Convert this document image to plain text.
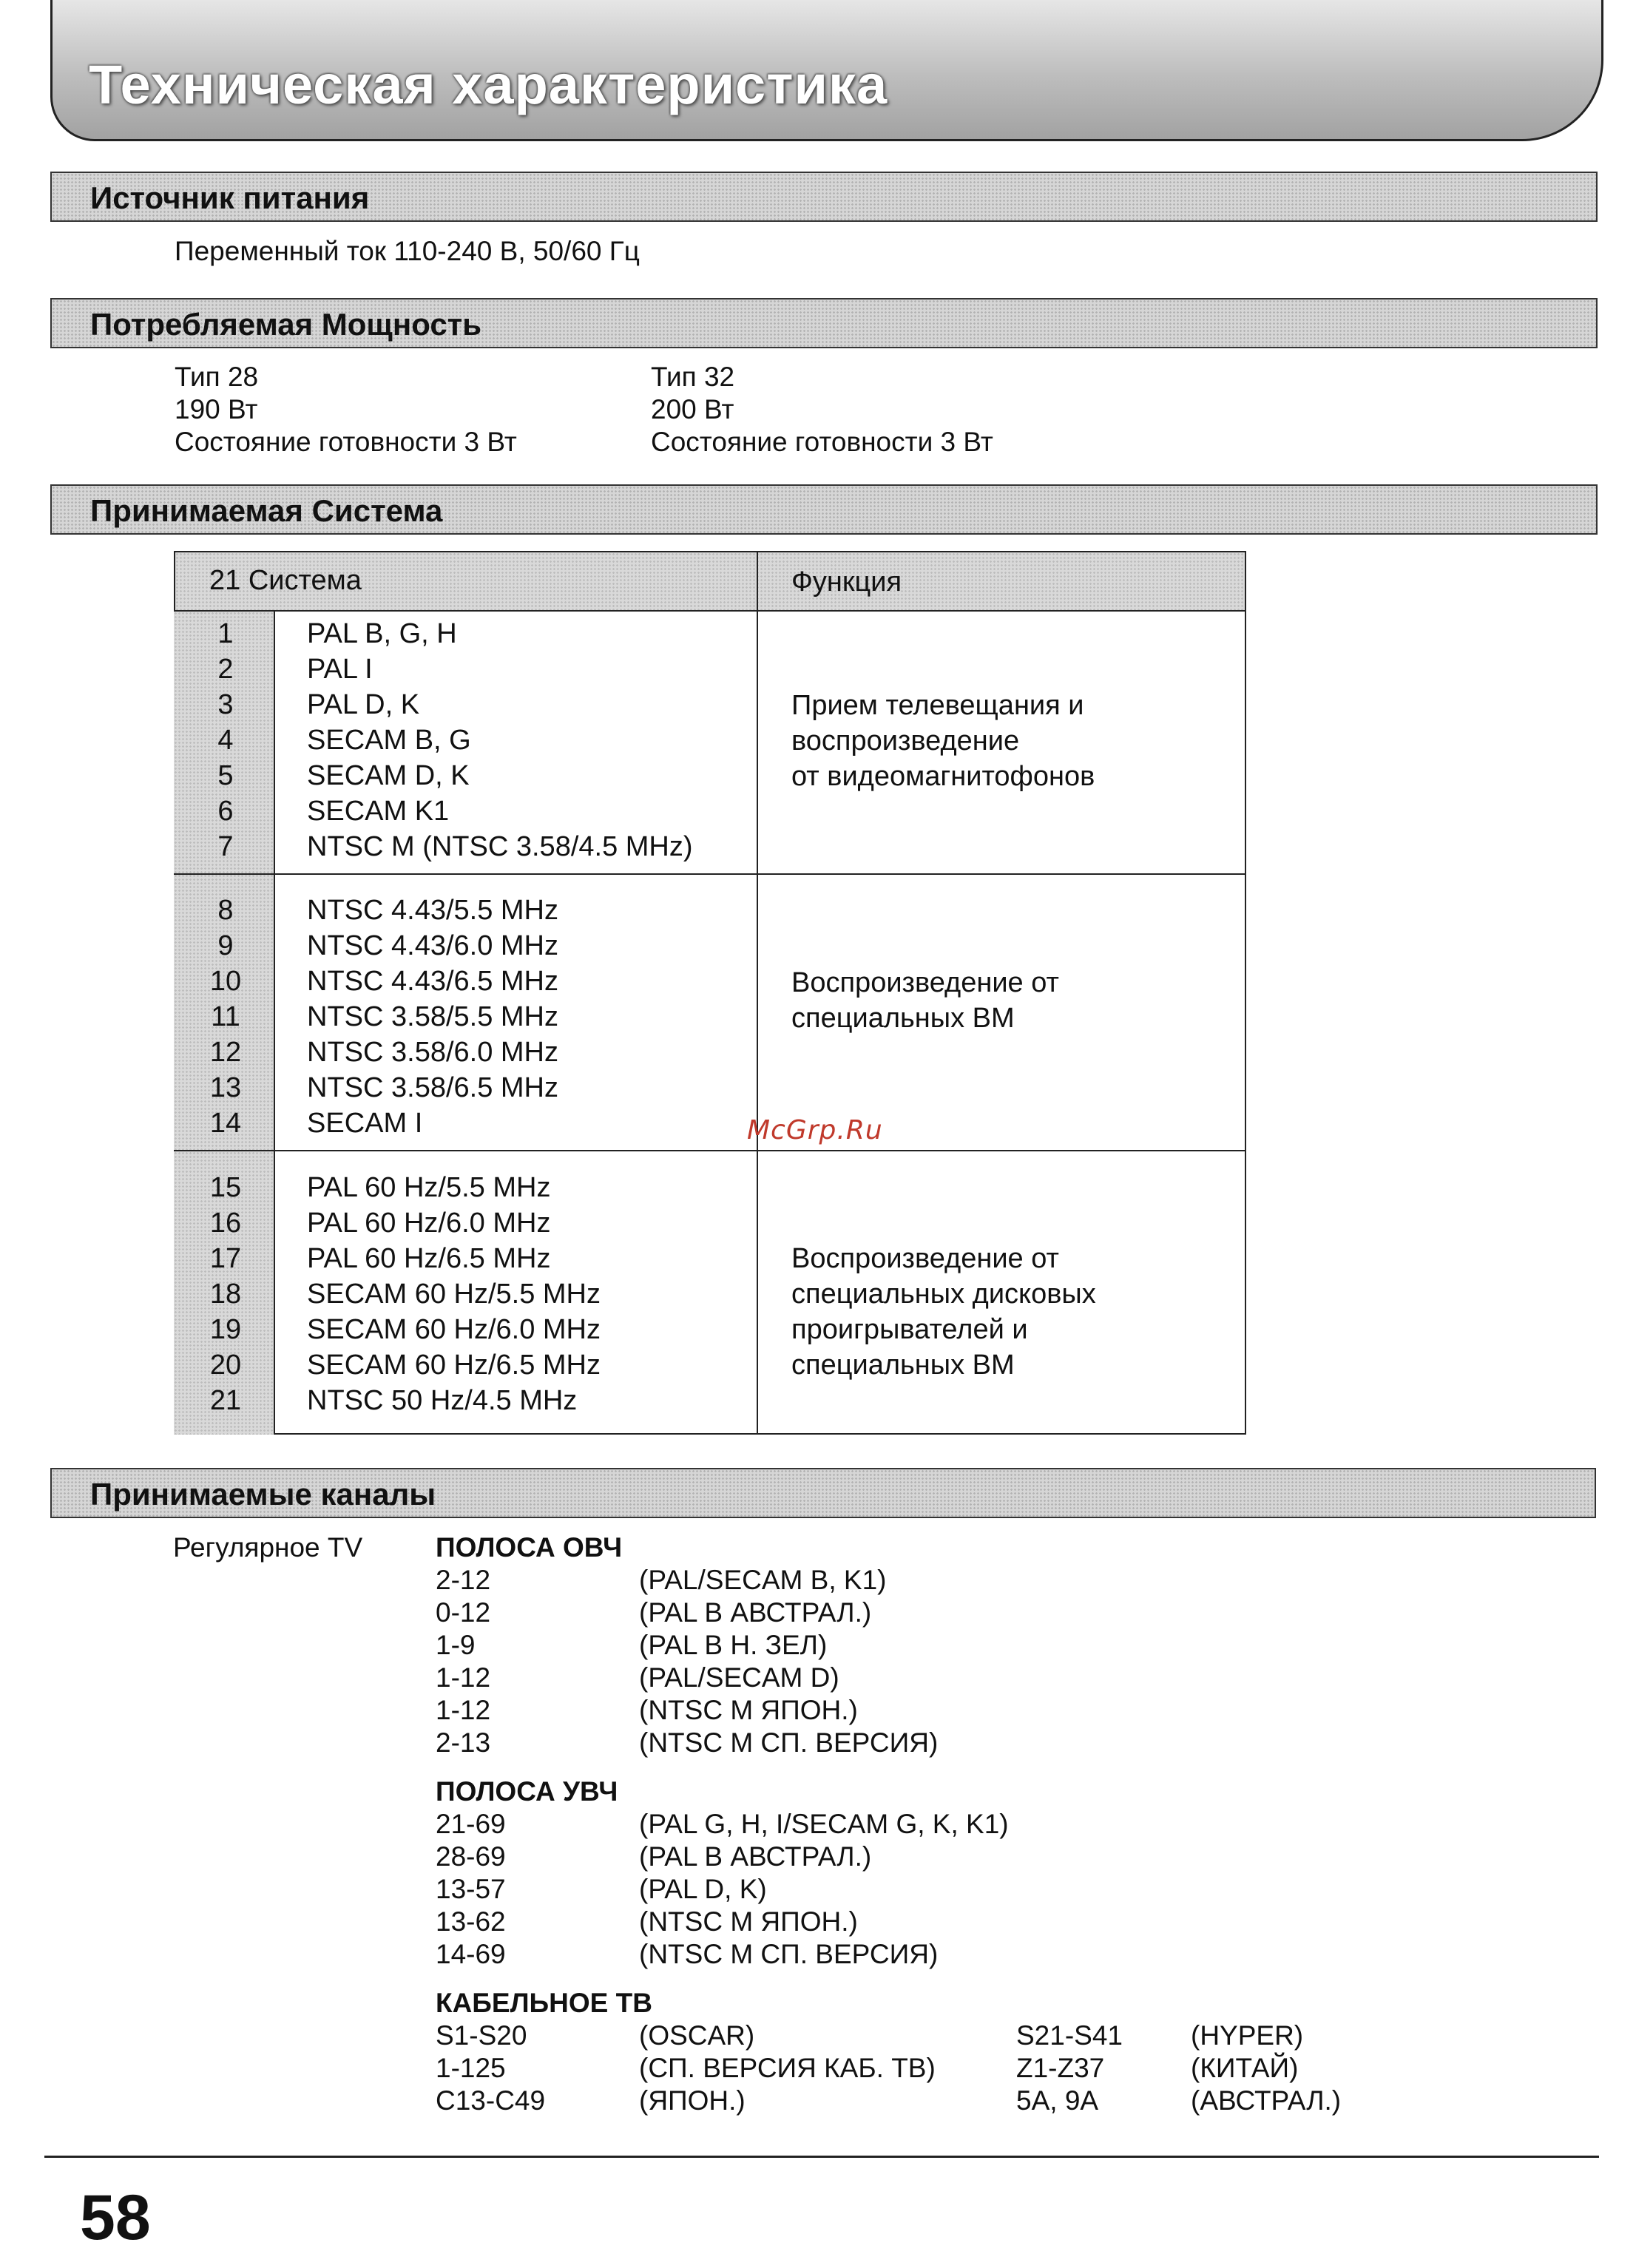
Техническая характеристика
Источник питания
Переменный ток 110-240 В, 50/60 Гц
Потребляемая Мощность
Тип 28
190 Вт
Состояние готовности 3 Вт
Тип 32
200 Вт
Состояние готовности 3 Вт
Принимаемая Система
21 Система	Функция
1
2
3
4
5
6
7
PAL B, G, H
PAL I
PAL D, K
SECAM B, G
SECAM D, K
SECAM K1
NTSC M (NTSC 3.58/4.5 MHz)
Прием телевещания и
воспроизведение
от видеомагнитофонов
8
9
10
11
12
13
14
NTSC 4.43/5.5 MHz
NTSC 4.43/6.0 MHz
NTSC 4.43/6.5 MHz
NTSC 3.58/5.5 MHz
NTSC 3.58/6.0 MHz
NTSC 3.58/6.5 MHz
SECAM I
Воспроизведение от
специальных ВМ
McGrp.Ru
15
16
17
18
19
20
21
PAL 60 Hz/5.5 MHz
PAL 60 Hz/6.0 MHz
PAL 60 Hz/6.5 MHz
SECAM 60 Hz/5.5 MHz
SECAM 60 Hz/6.0 MHz
SECAM 60 Hz/6.5 MHz
NTSC 50 Hz/4.5 MHz
Воспроизведение от
специальных дисковых
проигрывателей и
специальных ВМ
Принимаемые каналы
Регулярное TV	ПОЛОСА ОВЧ
2-12
0-12
1-9
1-12
1-12
2-13
(PAL/SECAM B, K1)
(PAL B АВСТРАЛ.)
(PAL B Н. ЗЕЛ)
(PAL/SECAM D)
(NTSC M ЯПОН.)
(NTSC M СП. ВЕРСИЯ)
ПОЛОСА УВЧ
21-69
28-69
13-57
13-62
14-69
(PAL G, H, I/SECAM G, K, K1)
(PAL B АВСТРАЛ.)
(PAL D, K)
(NTSC M ЯПОН.)
(NTSC M СП. ВЕРСИЯ)
КАБЕЛЬНОЕ ТВ
S1-S20
1-125
C13-C49
(OSCAR)
(СП. ВЕРСИЯ КАБ. ТВ)
(ЯПОН.)
S21-S41
Z1-Z37
5A, 9A
(HYPER)
(КИТАЙ)
(АВСТРАЛ.)
58
